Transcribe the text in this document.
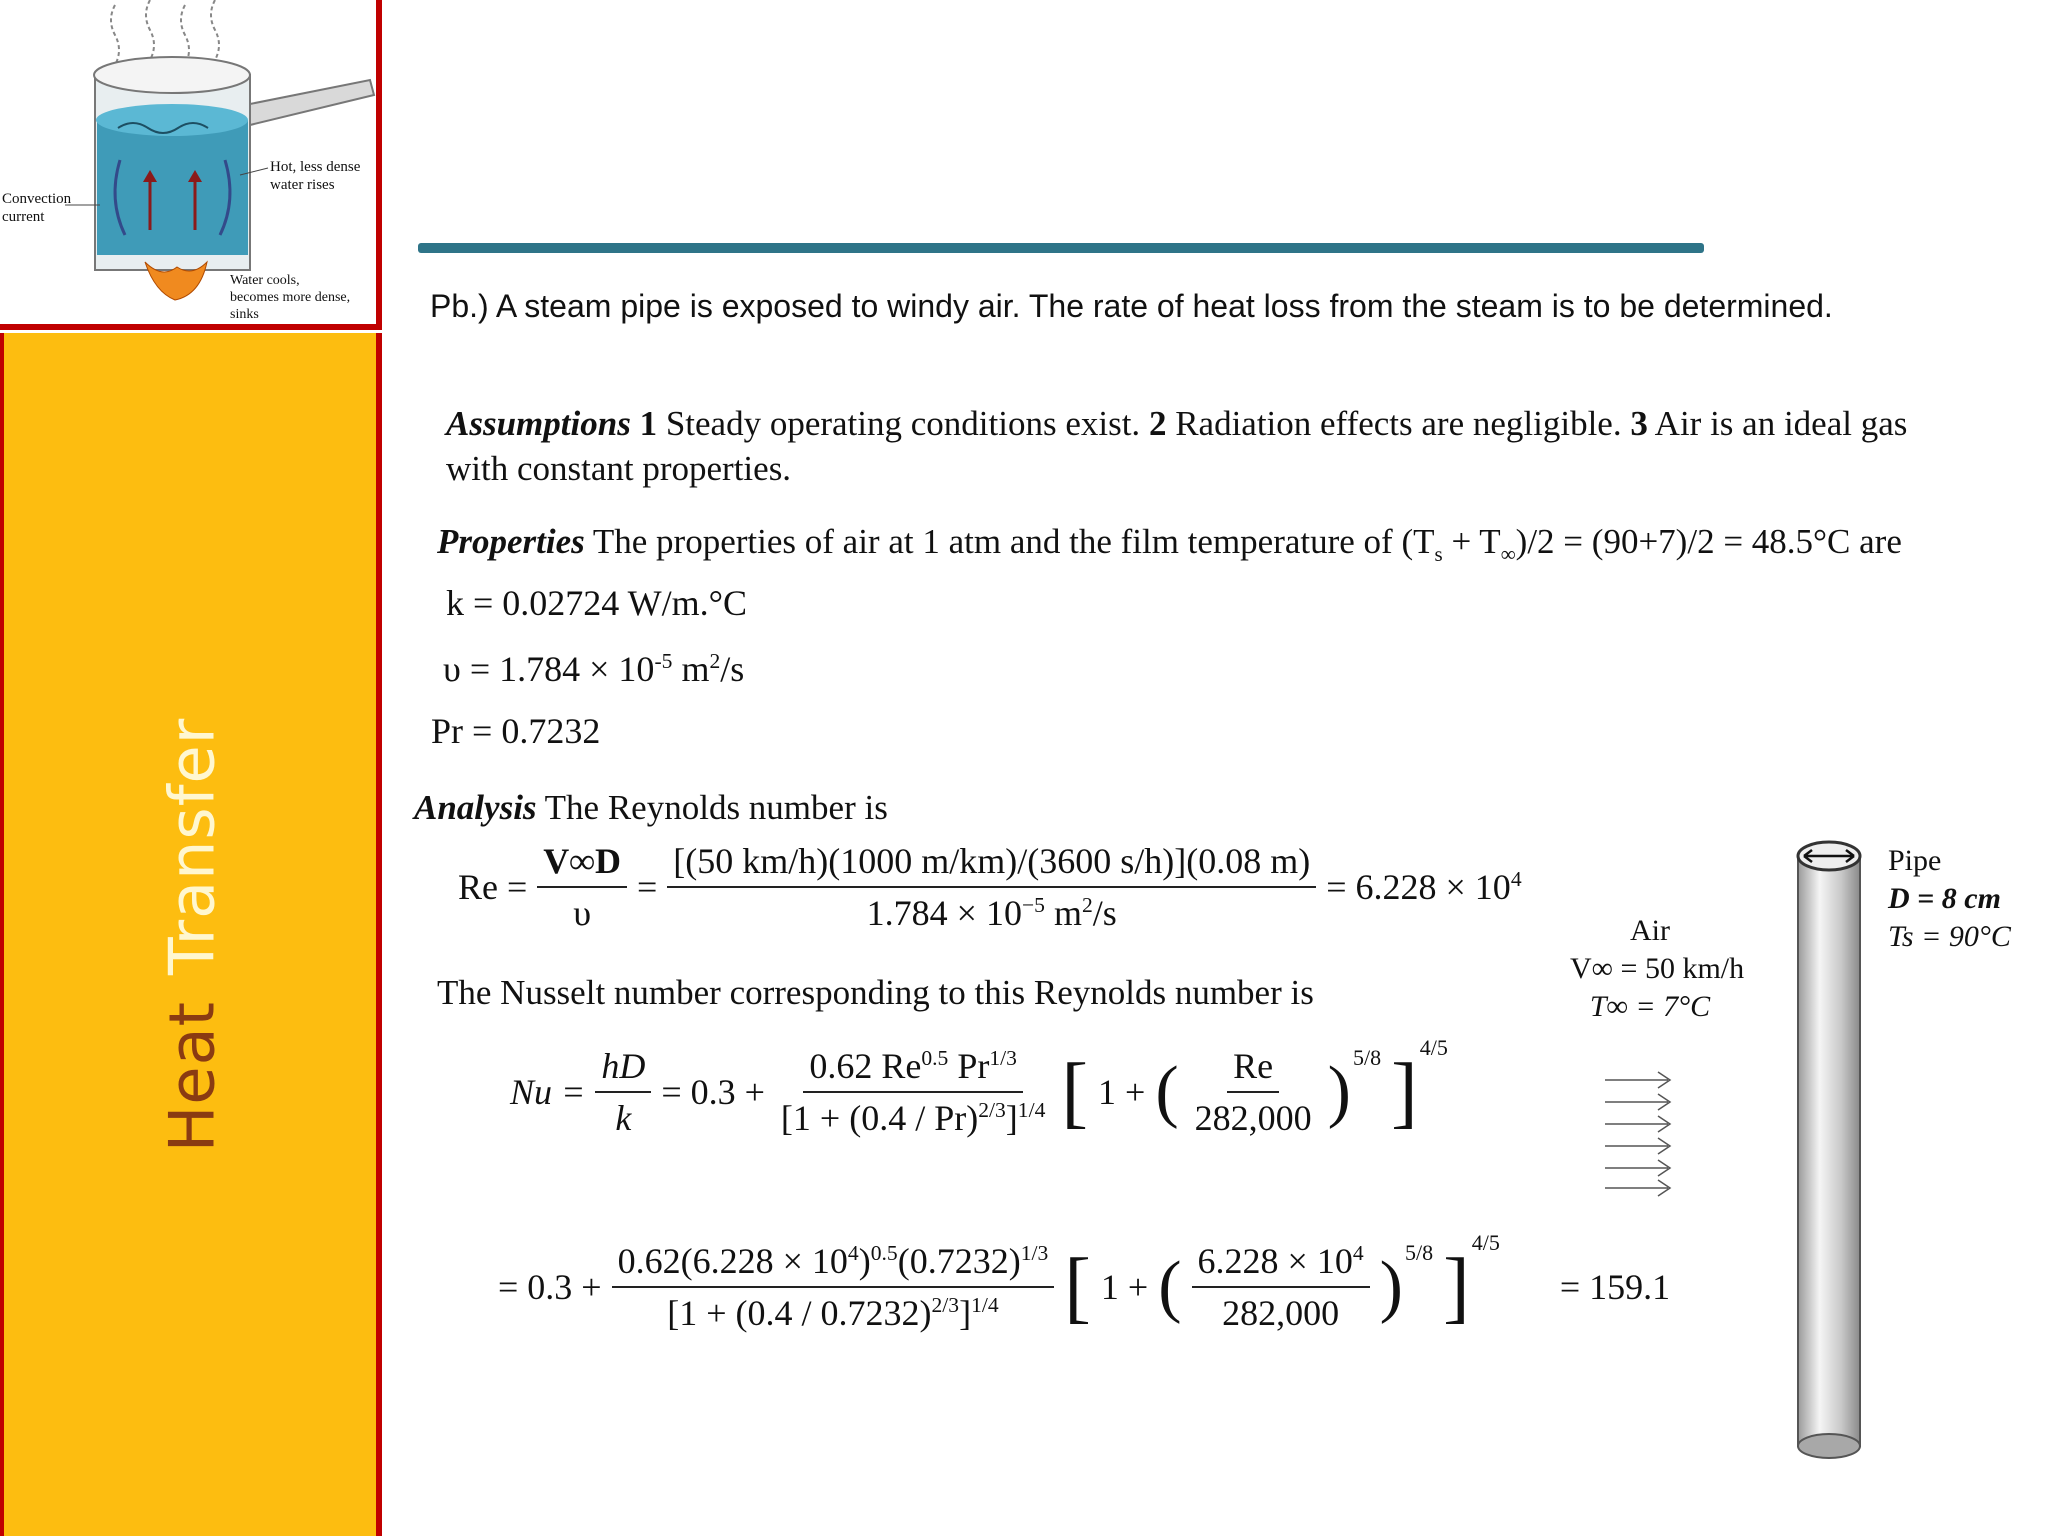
Convection
current
Hot, less dense
water rises
Water cools,
becomes more dense,
sinks
HeatTransfer
Pb.) A steam pipe is exposed to windy air. The rate of heat loss from the steam is to be determined.
Assumptions 1 Steady operating conditions exist. 2 Radiation effects are negligible. 3 Air is an ideal gas
with constant properties.
Properties The properties of air at 1 atm and the film temperature of $(T_s + T_\infty)/2 = (90+7)/2 = 48.5^\circ C$ are
k = 0.02724 W/m.°C
$\upsilon = 1.784 \times 10^{-5}$ $m^2/s$
Pr = 0.7232
Analysis The Reynolds number is
$Re = \frac{V\infty D}{\upsilon} = \frac{[(50 km/h)(1000 m/km)/(3600 s/h)](0.08 m)}{1.784 \times 10^{-5} m^2/s} = 6.228 \times 10^4$
The Nusselt number corresponding to this Reynolds number is
$Nu = \frac{hD}{k} = 0.3 + \frac{0.62 Re^{0.5} Pr^{1/3}}{[1 + (0.4 / Pr)^{2/3}]^{1/4}}$ [ 1 + ( $\frac{Re}{282,000} )^{5/8}$ ]
$^{4/5}$
= $0.3 + \frac{0.62(6.228 \times 10^4)^{0.5}(0.7232)^{1/3}}{[1 + (0.4 / 0.7232)^{2/3}]^{1/4}}$ [ 1 + ( $\frac{6.228 \times 10^4}{282,000} )^{5/8}$ ]
$^{4/5}$
= 159.1
Air
V∞ = 50 km/h
T∞ = 7°C
Pipe
D = 8 cm
Ts = 90°C
